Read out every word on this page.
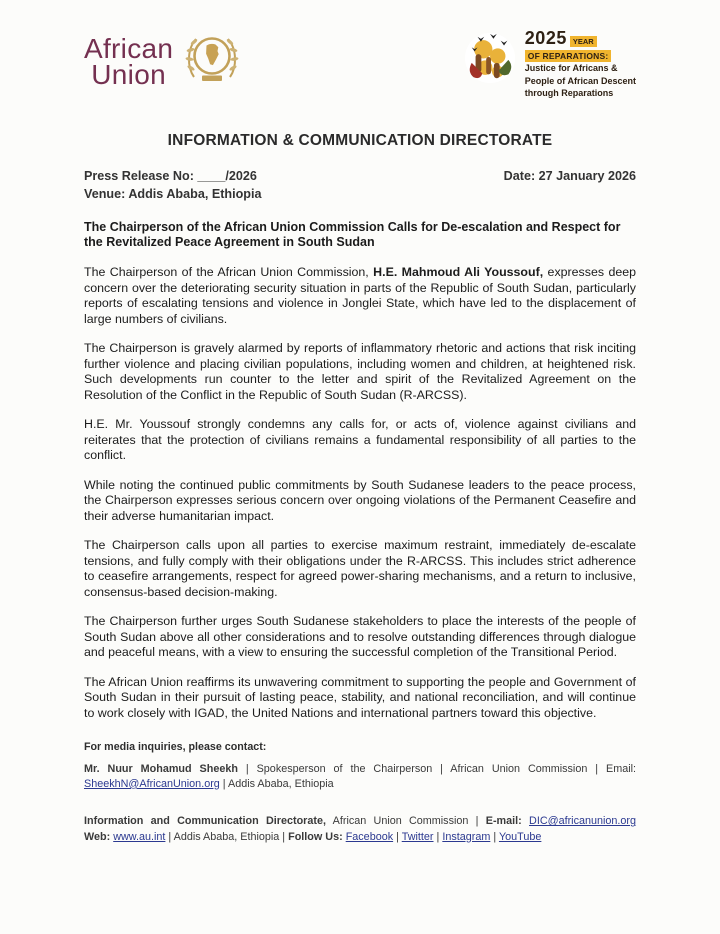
African
Union
2025 YEAR
OF REPARATIONS:
Justice for Africans &
People of African Descent
through Reparations
INFORMATION & COMMUNICATION DIRECTORATE
Press Release No: ____/2026	Date: 27 January 2026
Venue: Addis Ababa, Ethiopia
The Chairperson of the African Union Commission Calls for De-escalation and Respect for the Revitalized Peace Agreement in South Sudan

The Chairperson of the African Union Commission, H.E. Mahmoud Ali Youssouf, expresses deep concern over the deteriorating security situation in parts of the Republic of South Sudan, particularly reports of escalating tensions and violence in Jonglei State, which have led to the displacement of large numbers of civilians.

The Chairperson is gravely alarmed by reports of inflammatory rhetoric and actions that risk inciting further violence and placing civilian populations, including women and children, at heightened risk. Such developments run counter to the letter and spirit of the Revitalized Agreement on the Resolution of the Conflict in the Republic of South Sudan (R-ARCSS).

H.E. Mr. Youssouf strongly condemns any calls for, or acts of, violence against civilians and reiterates that the protection of civilians remains a fundamental responsibility of all parties to the conflict.

While noting the continued public commitments by South Sudanese leaders to the peace process, the Chairperson expresses serious concern over ongoing violations of the Permanent Ceasefire and their adverse humanitarian impact.

The Chairperson calls upon all parties to exercise maximum restraint, immediately de-escalate tensions, and fully comply with their obligations under the R-ARCSS. This includes strict adherence to ceasefire arrangements, respect for agreed power-sharing mechanisms, and a return to inclusive, consensus-based decision-making.

The Chairperson further urges South Sudanese stakeholders to place the interests of the people of South Sudan above all other considerations and to resolve outstanding differences through dialogue and peaceful means, with a view to ensuring the successful completion of the Transitional Period.

The African Union reaffirms its unwavering commitment to supporting the people and Government of South Sudan in their pursuit of lasting peace, stability, and national reconciliation, and will continue to work closely with IGAD, the United Nations and international partners toward this objective.

For media inquiries, please contact:
Mr. Nuur Mohamud Sheekh | Spokesperson of the Chairperson | African Union Commission | Email: SheekhN@AfricanUnion.org | Addis Ababa, Ethiopia
Information and Communication Directorate, African Union Commission | E-mail: DIC@africanunion.org
Web: www.au.int | Addis Ababa, Ethiopia | Follow Us: Facebook | Twitter | Instagram | YouTube
